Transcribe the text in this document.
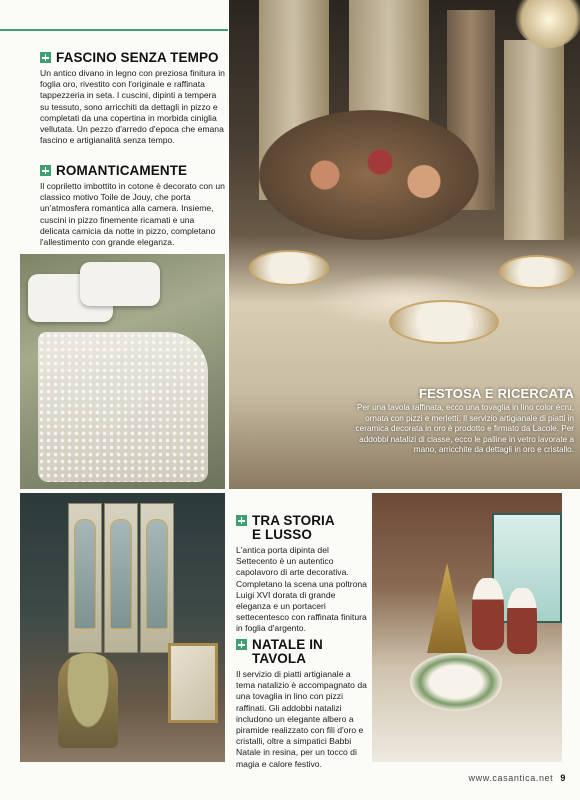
FASCINO SENZA TEMPO
Un antico divano in legno con preziosa finitura in foglia oro, rivestito con l'originale e raffinata tappezzeria in seta. I cuscini, dipinti a tempera su tessuto, sono arricchiti da dettagli in pizzo e completati da una copertina in morbida ciniglia vellutata. Un pezzo d'arredo d'epoca che emana fascino e artigianalità senza tempo.
ROMANTICAMENTE
Il copriletto imbottito in cotone è decorato con un classico motivo Toile de Jouy, che porta un'atmosfera romantica alla camera. Insieme, cuscini in pizzo finemente ricamati e una delicata camicia da notte in pizzo, completano l'allestimento con grande eleganza.
FESTOSA E RICERCATA
Per una tavola raffinata, ecco una tovaglia in lino color écru, ornata con pizzi e merletti. Il servizio artigianale di piatti in ceramica decorata in oro è prodotto e firmato da Lacole. Per addobbi natalizi di classe, ecco le palline in vetro lavorate a mano, arricchite da dettagli in oro e cristallo.
TRA STORIA
E LUSSO
L'antica porta dipinta del Settecento è un autentico capolavoro di arte decorativa. Completano la scena una poltrona Luigi XVI dorata di grande eleganza e un portaceri settecentesco con raffinata finitura in foglia d'argento.
NATALE IN TAVOLA
Il servizio di piatti artigianale a tema natalizio è accompagnato da una tovaglia in lino con pizzi raffinati. Gli addobbi natalizi includono un elegante albero a piramide realizzato con fili d'oro e cristalli, oltre a simpatici Babbi Natale in resina, per un tocco di magia e calore festivo.
www.casantica.net 9
